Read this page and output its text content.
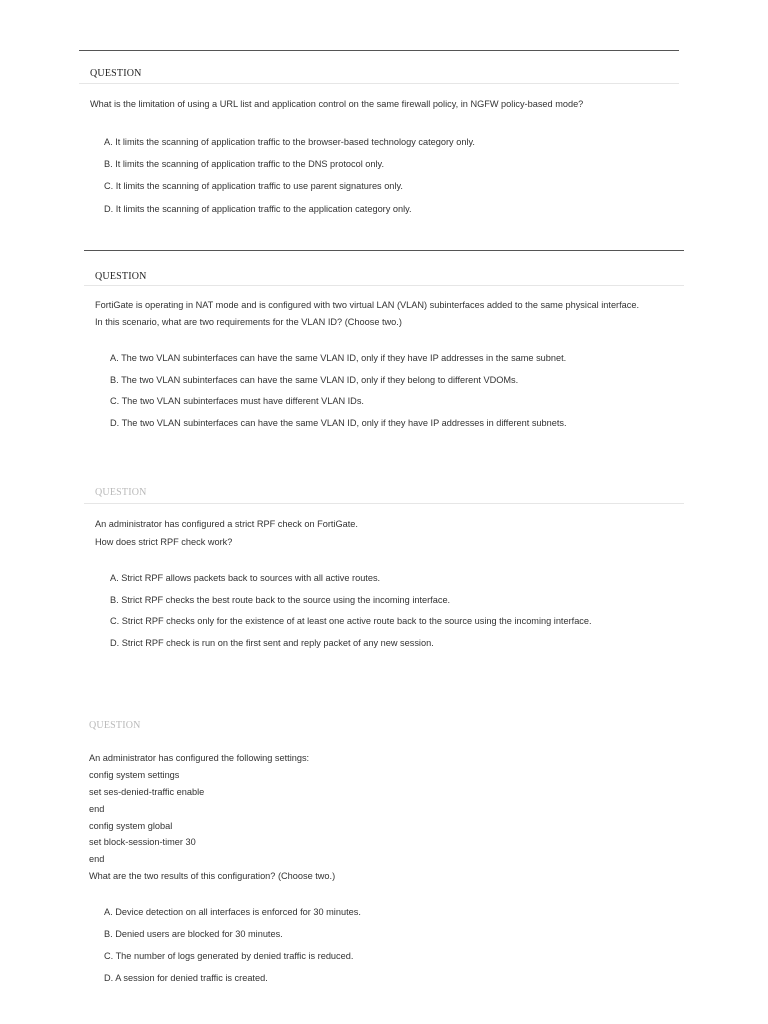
QUESTION
What is the limitation of using a URL list and application control on the same firewall policy, in NGFW policy-based mode?
A. It limits the scanning of application traffic to the browser-based technology category only.
B. It limits the scanning of application traffic to the DNS protocol only.
C. It limits the scanning of application traffic to use parent signatures only.
D. It limits the scanning of application traffic to the application category only.
QUESTION
FortiGate is operating in NAT mode and is configured with two virtual LAN (VLAN) subinterfaces added to the same physical interface.
In this scenario, what are two requirements for the VLAN ID? (Choose two.)
A. The two VLAN subinterfaces can have the same VLAN ID, only if they have IP addresses in the same subnet.
B. The two VLAN subinterfaces can have the same VLAN ID, only if they belong to different VDOMs.
C. The two VLAN subinterfaces must have different VLAN IDs.
D. The two VLAN subinterfaces can have the same VLAN ID, only if they have IP addresses in different subnets.
QUESTION
An administrator has configured a strict RPF check on FortiGate.
How does strict RPF check work?
A. Strict RPF allows packets back to sources with all active routes.
B. Strict RPF checks the best route back to the source using the incoming interface.
C. Strict RPF checks only for the existence of at least one active route back to the source using the incoming interface.
D. Strict RPF check is run on the first sent and reply packet of any new session.
QUESTION
An administrator has configured the following settings:
config system settings
set ses-denied-traffic enable
end
config system global
set block-session-timer 30
end
What are the two results of this configuration? (Choose two.)
A. Device detection on all interfaces is enforced for 30 minutes.
B. Denied users are blocked for 30 minutes.
C. The number of logs generated by denied traffic is reduced.
D. A session for denied traffic is created.
